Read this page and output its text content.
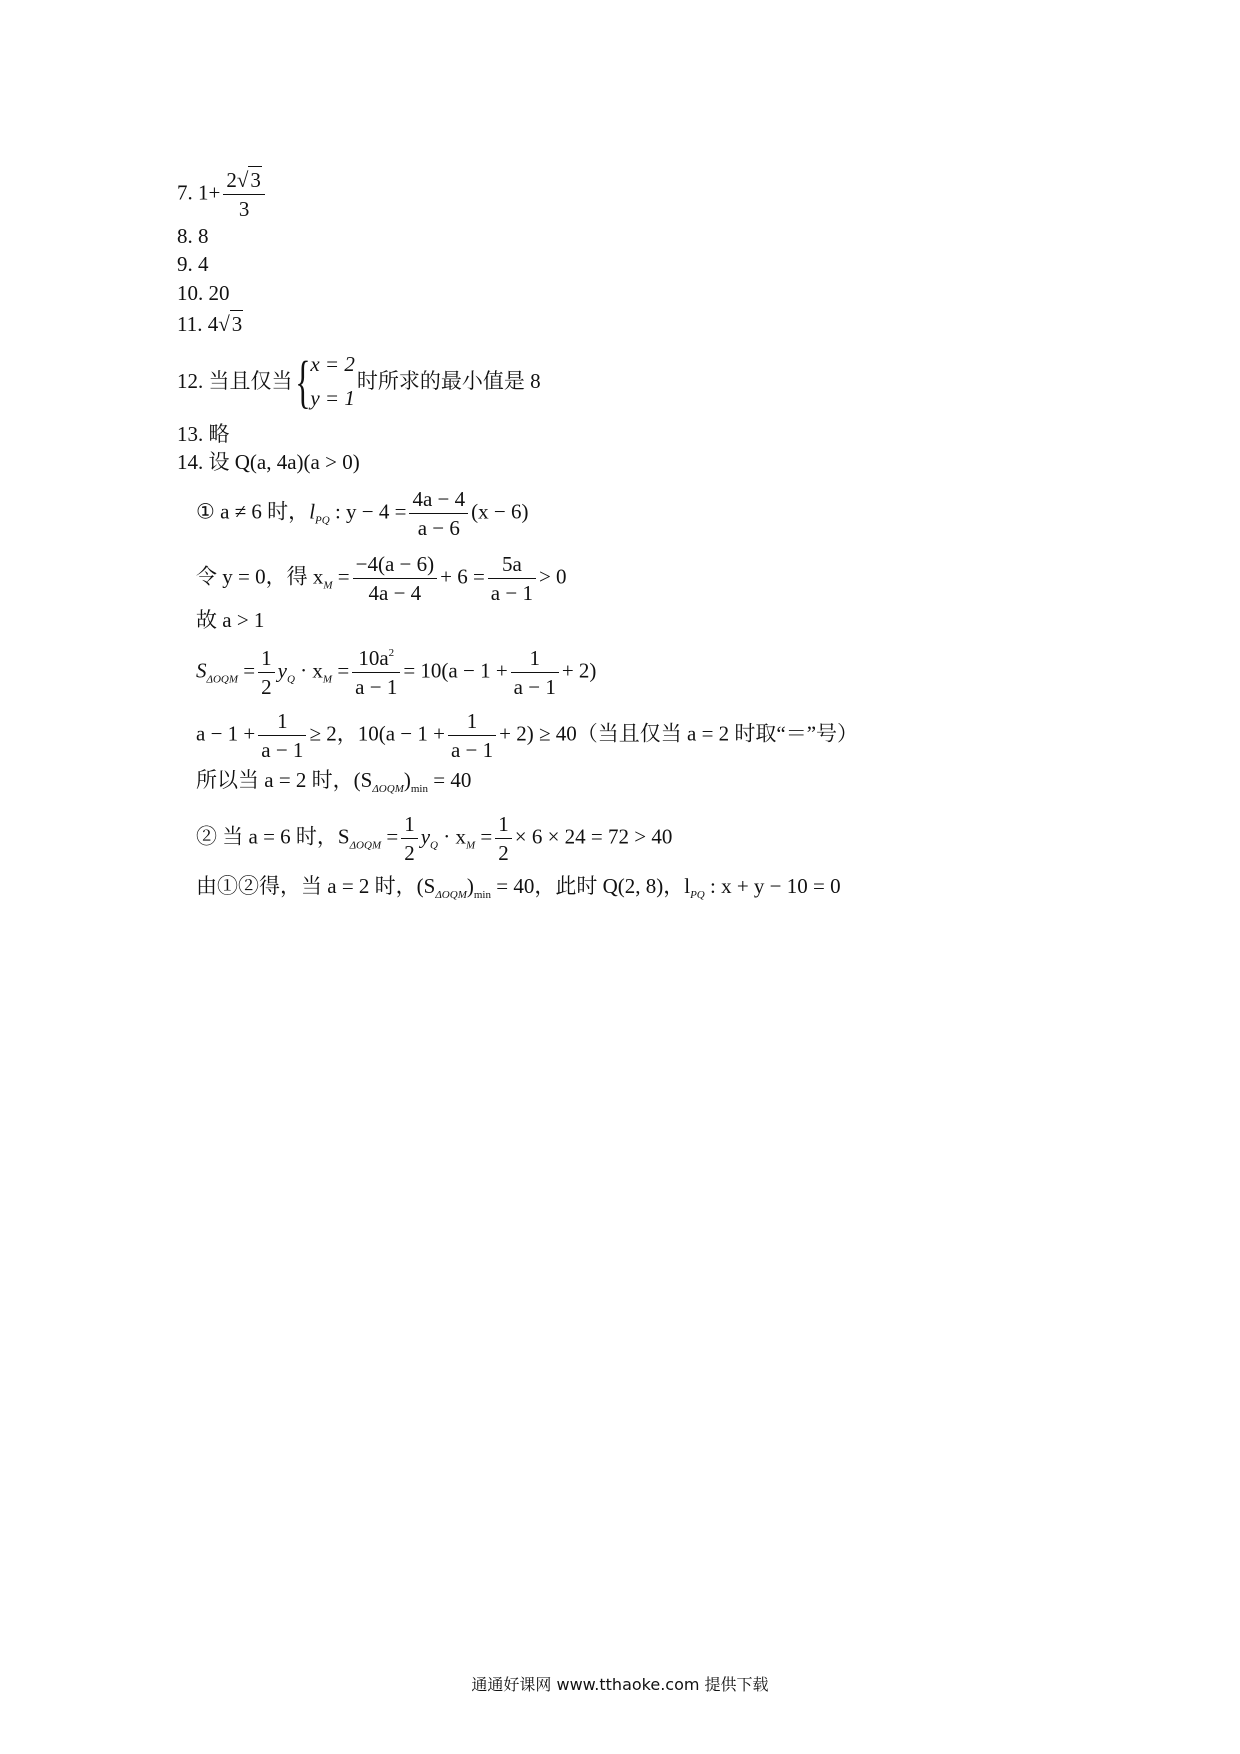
7. $1+ \frac{2√3}{3}$
8. 8
9. 4
10. 20
11. 4√3
12. 当且仅当{ x = 2
y = 1
时所求的最小值是 8
13. 略
14. 设 Q(a, 4a)(a > 0)
① a ≠ 6 时，$l_{PQ}$ : $y - 4 = \frac{4a - 4}{a - 6} (x - 6)$
令 y = 0，得 $x_M = \frac{-4(a - 6)}{4a - 4} + 6 = \frac{5a}{a - 1} > 0$
故 a > 1
$S_{\Delta OQM} = \frac{1}{2} y_Q \cdot x_M = \frac{10a^2}{a - 1} = 10(a - 1 + \frac{1}{a - 1} + 2)$
$a - 1 + \frac{1}{a - 1} \ge 2$，$10(a - 1 + \frac{1}{a - 1} + 2) \ge 40$（当且仅当 a = 2 时取“＝”号）
所以当 a = 2 时，$(S_{\Delta OQM})_{min} = 40$
② 当 a = 6 时，$S_{\Delta OQM} = \frac{1}{2} y_Q \cdot x_M = \frac{1}{2} \times 6 \times 24 = 72 > 40$
由①②得，当 a = 2 时，$(S_{\Delta OQM})_{min} = 40$，此时 Q(2, 8)，$l_{PQ}$ : x + y − 10 = 0
通通好课网 www.tthaoke.com 提供下载
